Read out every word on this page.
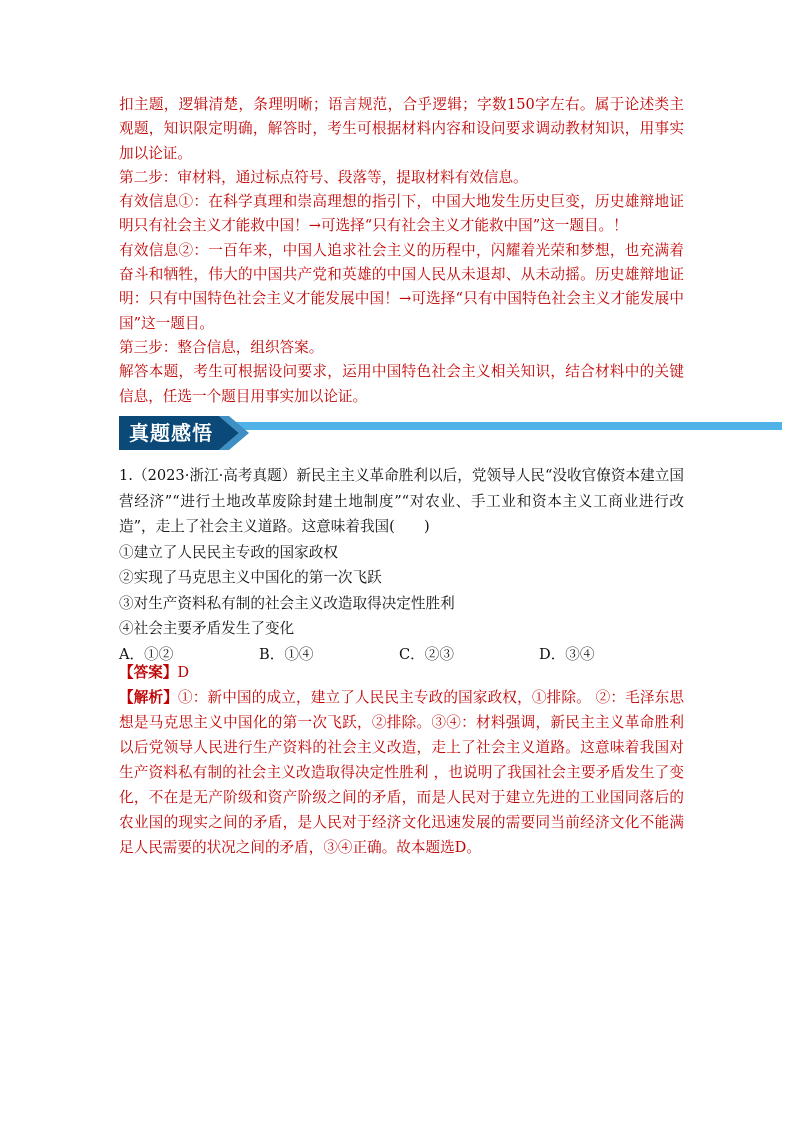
扣主题，逻辑清楚，条理明晰；语言规范，合乎逻辑；字数150字左右。属于论述类主观题，知识限定明确，解答时，考生可根据材料内容和设问要求调动教材知识，用事实加以论证。

第二步：审材料，通过标点符号、段落等，提取材料有效信息。

有效信息①：在科学真理和崇高理想的指引下，中国大地发生历史巨变，历史雄辩地证明只有社会主义才能救中国！→可选择“只有社会主义才能救中国”这一题目。！

有效信息②：一百年来，中国人追求社会主义的历程中，闪耀着光荣和梦想，也充满着奋斗和牺牲，伟大的中国共产党和英雄的中国人民从未退却、从未动摇。历史雄辩地证明：只有中国特色社会主义才能发展中国！→可选择“只有中国特色社会主义才能发展中国”这一题目。

第三步：整合信息，组织答案。

解答本题，考生可根据设问要求，运用中国特色社会主义相关知识，结合材料中的关键信息，任选一个题目用事实加以论证。

真题感悟

1.（2023·浙江·高考真题）新民主主义革命胜利以后，党领导人民“没收官僚资本建立国营经济”“进行土地改革废除封建土地制度”“对农业、手工业和资本主义工商业进行改造”，走上了社会主义道路。这意味着我国(　　)

①建立了人民民主专政的国家政权

②实现了马克思主义中国化的第一次飞跃

③对生产资料私有制的社会主义改造取得决定性胜利

④社会主要矛盾发生了变化

A．①②	B．①④	C．②③	D．③④

【答案】D

【解析】①：新中国的成立，建立了人民民主专政的国家政权，①排除。 ②：毛泽东思想是马克思主义中国化的第一次飞跃，②排除。③④：材料强调，新民主主义革命胜利以后党领导人民进行生产资料的社会主义改造，走上了社会主义道路。这意味着我国对生产资料私有制的社会主义改造取得决定性胜利 ，也说明了我国社会主要矛盾发生了变化，不在是无产阶级和资产阶级之间的矛盾，而是人民对于建立先进的工业国同落后的农业国的现实之间的矛盾，是人民对于经济文化迅速发展的需要同当前经济文化不能满足人民需要的状况之间的矛盾，③④正确。故本题选D。
